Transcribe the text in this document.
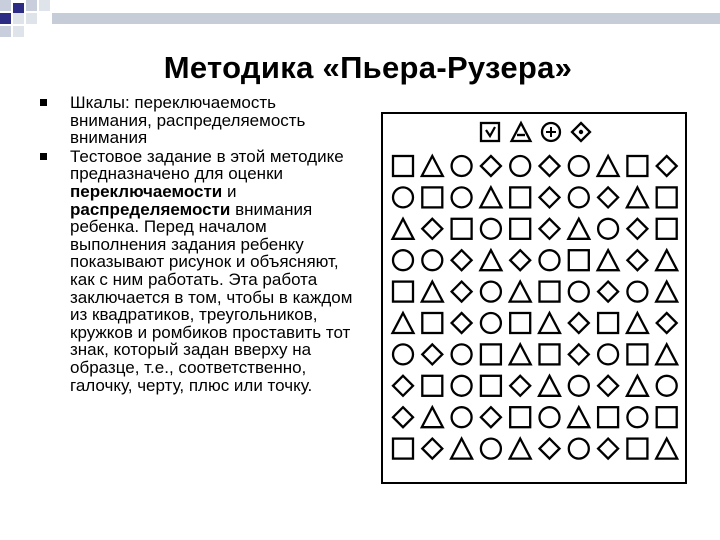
Методика «Пьера-Рузера»
Шкалы: переключаемость внимания, распределяемость внимания
Тестовое задание в этой методике предназначено для оценки переключаемости и распределяемости внимания ребенка. Перед началом выполнения задания ребенку показывают рисунок и объясняют, как с ним работать. Эта работа заключается в том, чтобы в каждом из квадратиков, треугольников, кружков и ромбиков проставить тот знак, который задан вверху на образце, т.е., соответственно, галочку, черту, плюс или точку.
